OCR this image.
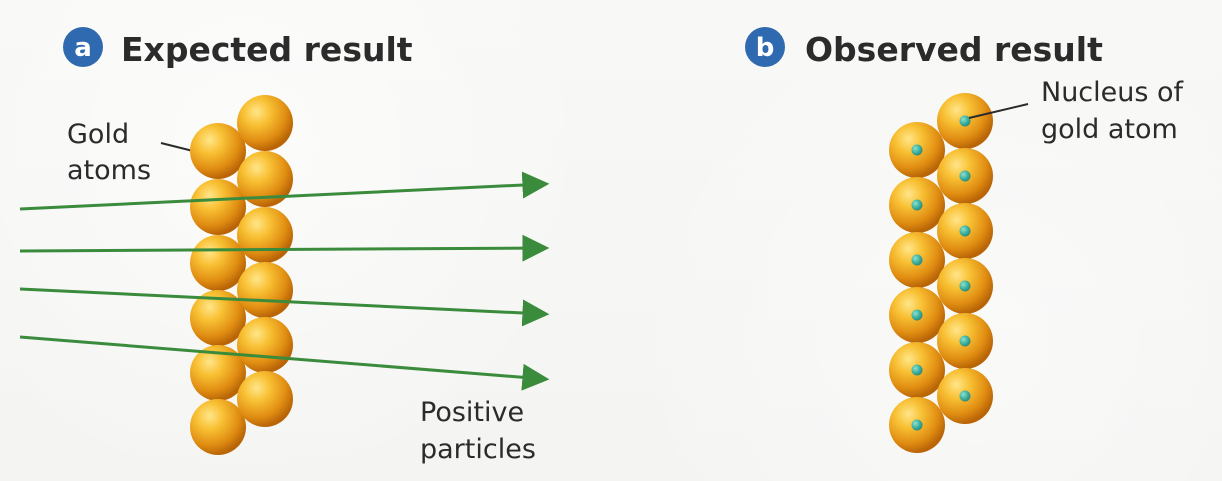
a Expected result
Gold
atoms
Positive
particles
b Observed result
Nucleus of
gold atom
